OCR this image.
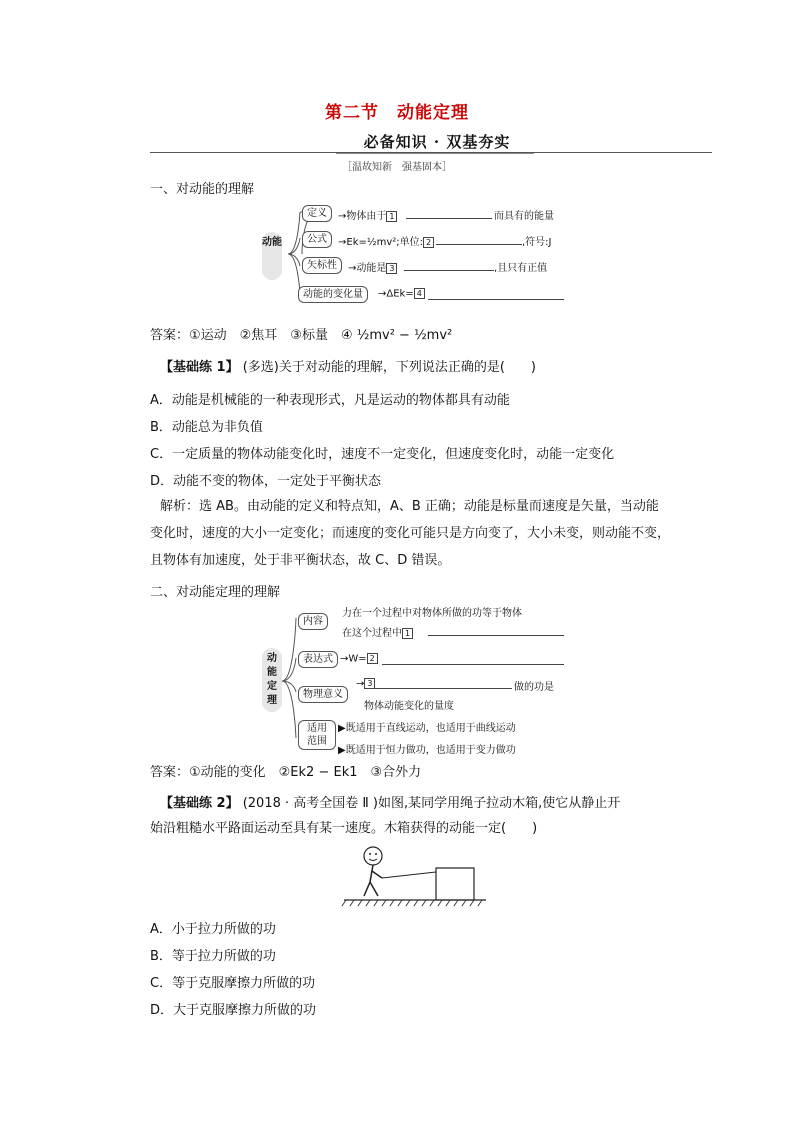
第二节　动能定理
必备知识 · 双基夯实
［温故知新　强基固本］
一、对动能的理解
动能
定义	→物体由于 1	而具有的能量
公式	→Ek=½mv²;单位: 2	,符号:J
矢标性	→动能是 3	,且只有正值
动能的变化量	→ΔEk= 4
答案：①运动　②焦耳　③标量　④ ½mv² − ½mv²
【基础练 1】 (多选)关于对动能的理解，下列说法正确的是(　　)
A．动能是机械能的一种表现形式，凡是运动的物体都具有动能
B．动能总为非负值
C．一定质量的物体动能变化时，速度不一定变化，但速度变化时，动能一定变化
D．动能不变的物体，一定处于平衡状态
解析：选 AB。由动能的定义和特点知，A、B 正确；动能是标量而速度是矢量，当动能
变化时，速度的大小一定变化；而速度的变化可能只是方向变了，大小未变，则动能不变，
且物体有加速度，处于非平衡状态，故 C、D 错误。
二、对动能定理的理解
动能定理
内容
力在一个过程中对物体所做的功等于物体
在这个过程中 1
表达式 →W= 2
物理意义
→ 3	做的功是
物体动能变化的量度
适用范围
▶既适用于直线运动，也适用于曲线运动
▶既适用于恒力做功，也适用于变力做功
答案：①动能的变化　②Ek2 − Ek1　③合外力
【基础练 2】 (2018 · 高考全国卷 Ⅱ )如图,某同学用绳子拉动木箱,使它从静止开
始沿粗糙水平路面运动至具有某一速度。木箱获得的动能一定(　　)
A．小于拉力所做的功
B．等于拉力所做的功
C．等于克服摩擦力所做的功
D．大于克服摩擦力所做的功
